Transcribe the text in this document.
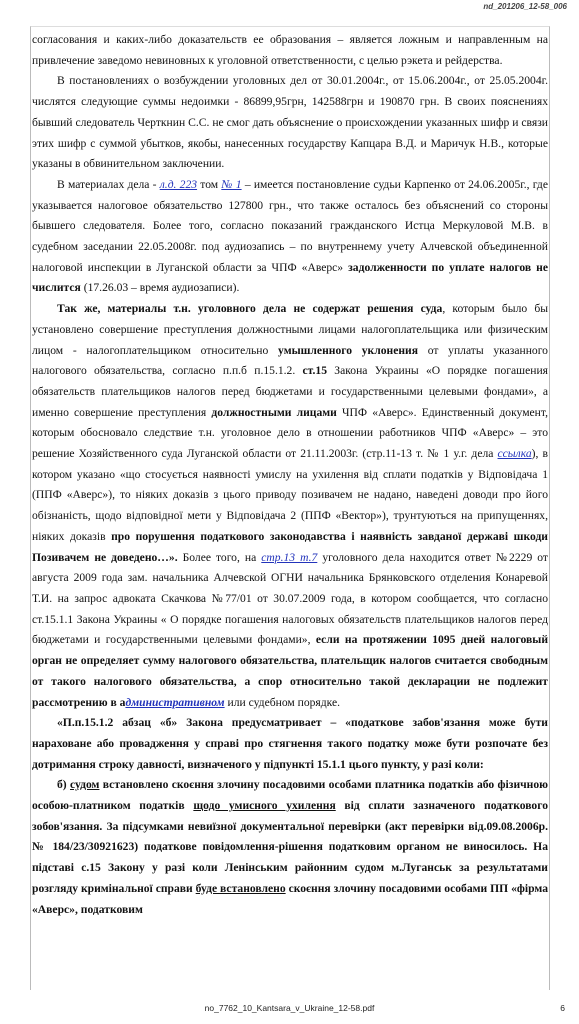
nd_201206_12-58_006

согласования и каких-либо доказательств ее образования – является ложным и направленным на привлечение заведомо невиновных к уголовной ответственности, с целью рэкета и рейдерства.

В постановлениях о возбуждении уголовных дел от 30.01.2004г., от 15.06.2004г., от 25.05.2004г. числятся следующие суммы недоимки - 86899,95грн, 142588грн и 190870 грн. В своих пояснениях бывший следователь Черткнин С.С. не смог дать объяснение о происхождении указанных шифр и связи этих шифр с суммой убытков, якобы, нанесенных государству Капцара В.Д. и Маричук Н.В., которые указаны в обвинительном заключении.

В материалах дела - л.д. 223 том № 1 – имеется постановление судьи Карпенко от 24.06.2005г., где указывается налоговое обязательство 127800 грн., что также осталось без объяснений со стороны бывшего следователя. Более того, согласно показаний гражданского Истца Меркуловой М.В. в судебном заседании 22.05.2008г. под аудиозапись – по внутреннему учету Алчевской объединенной налоговой инспекции в Луганской области за ЧПФ «Аверс» задолженности по уплате налогов не числится (17.26.03 – время аудиозаписи).

Так же, материалы т.н. уголовного дела не содержат решения суда, которым было бы установлено совершение преступления должностными лицами налогоплательщика или физическим лицом - налогоплательщиком относительно умышленного уклонения от уплаты указанного налогового обязательства, согласно п.п.б п.15.1.2. ст.15 Закона Украины «О порядке погашения обязательств плательщиков налогов перед бюджетами и государственными целевыми фондами», а именно совершение преступления должностными лицами ЧПФ «Аверс». Единственный документ, которым обосновало следствие т.н. уголовное дело в отношении работников ЧПФ «Аверс» – это решение Хозяйственного суда Луганской области от 21.11.2003г. (стр.11-13 т. № 1 у.г. дела ссылка), в котором указано «що стосується наявності умислу на ухилення від сплати податків у Відповідача 1 (ППФ «Аверс»), то ніяких доказів з цього приводу позивачем не надано, наведені доводи про його обізнаність, щодо відповідної мети у Відповідача 2 (ППФ «Вектор»), трунтуються на припущеннях, ніяких доказів про порушення податкового законодавства і наявність завданої державі шкоди Позивачем не доведено…». Более того, на стр.13 т.7 уголовного дела находится ответ №2229 от августа 2009 года зам. начальника Алчевской ОГНИ начальника Брянковского отделения Конаревой Т.И. на запрос адвоката Скачкова №77/01 от 30.07.2009 года, в котором сообщается, что согласно ст.15.1.1 Закона Украины « О порядке погашения налоговых обязательств плательщиков налогов перед бюджетами и государственными целевыми фондами», если на протяжении 1095 дней налоговый орган не определяет сумму налогового обязательства, плательщик налогов считается свободным от такого налогового обязательства, а спор относительно такой декларации не подлежит рассмотрению в административном или судебном порядке.

«П.п.15.1.2 абзац «б» Закона предусматривает – «податкове забов'язання може бути нараховане або провадження у справі про стягнення такого податку може бути розпочате без дотримання строку давності, визначеного у підпункті 15.1.1 цього пункту, у разі коли:

б) судом встановлено скоєння злочину посадовими особами платника податків або фізичною особою-платником податків щодо умисного ухилення від сплати зазначеного податкового зобов'язання. За підсумками невиїзної документальної перевірки (акт перевірки від.09.08.2006р. № 184/23/30921623) податкове повідомлення-рішення податковим органом не виносилось. На підставі с.15 Закону у разі коли Ленінським районним судом м.Луганськ за результатами розгляду кримінальної справи буде встановлено скоєння злочину посадовими особами ПП «фірма «Аверс», податковим

no_7762_10_Kantsara_v_Ukraine_12-58.pdf	6
